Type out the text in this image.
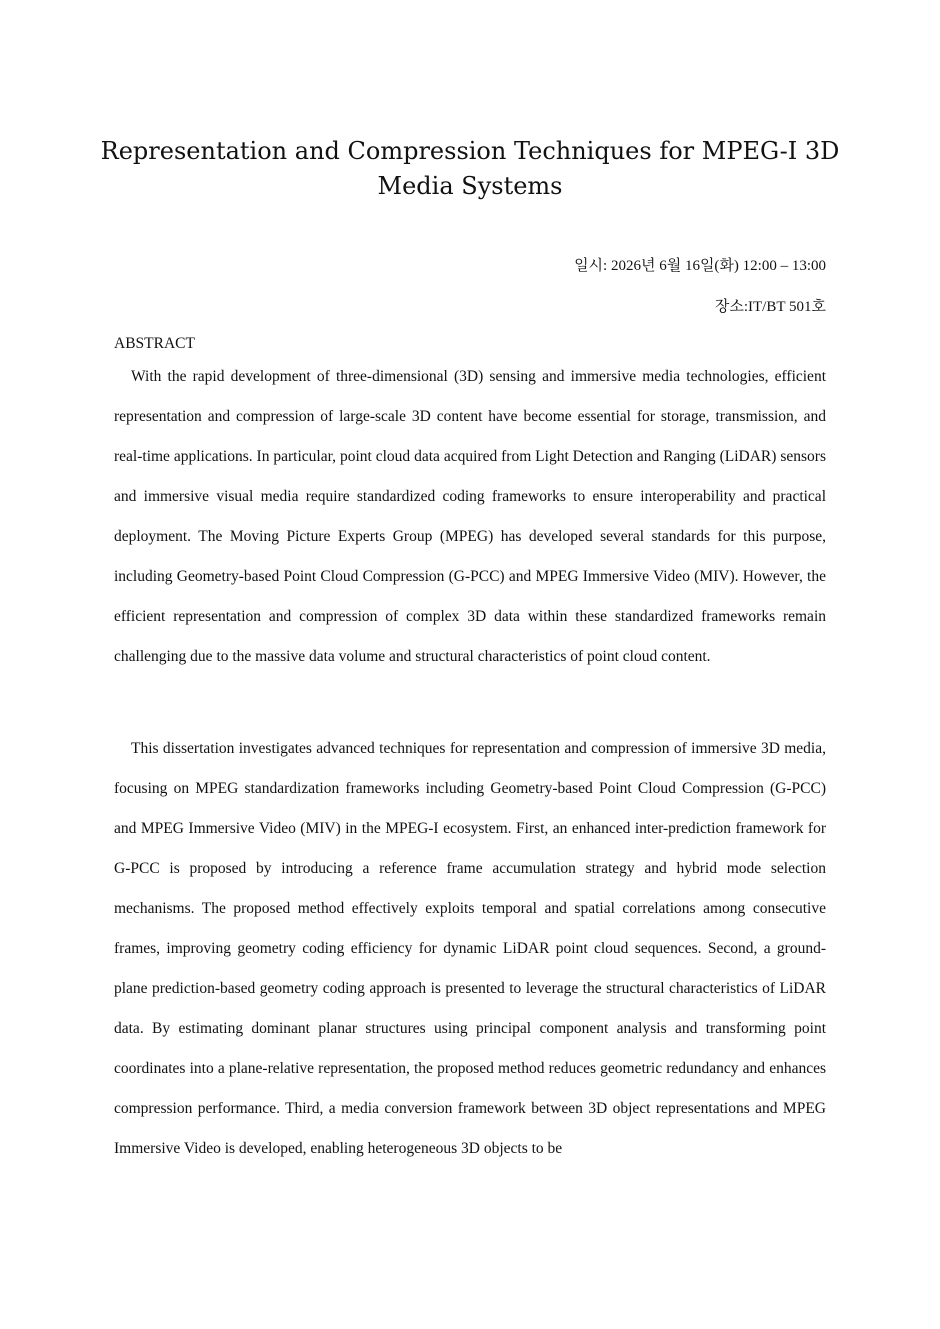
Representation and Compression Techniques for MPEG-I 3D Media Systems
일시: 2026년 6월 16일(화) 12:00 – 13:00
장소:IT/BT 501호
ABSTRACT

With the rapid development of three-dimensional (3D) sensing and immersive media technologies, efficient representation and compression of large-scale 3D content have become essential for storage, transmission, and real-time applications. In particular, point cloud data acquired from Light Detection and Ranging (LiDAR) sensors and immersive visual media require standardized coding frameworks to ensure interoperability and practical deployment. The Moving Picture Experts Group (MPEG) has developed several standards for this purpose, including Geometry-based Point Cloud Compression (G-PCC) and MPEG Immersive Video (MIV). However, the efficient representation and compression of complex 3D data within these standardized frameworks remain challenging due to the massive data volume and structural characteristics of point cloud content.

This dissertation investigates advanced techniques for representation and compression of immersive 3D media, focusing on MPEG standardization frameworks including Geometry-based Point Cloud Compression (G-PCC) and MPEG Immersive Video (MIV) in the MPEG-I ecosystem. First, an enhanced inter-prediction framework for G-PCC is proposed by introducing a reference frame accumulation strategy and hybrid mode selection mechanisms. The proposed method effectively exploits temporal and spatial correlations among consecutive frames, improving geometry coding efficiency for dynamic LiDAR point cloud sequences. Second, a ground-plane prediction-based geometry coding approach is presented to leverage the structural characteristics of LiDAR data. By estimating dominant planar structures using principal component analysis and transforming point coordinates into a plane-relative representation, the proposed method reduces geometric redundancy and enhances compression performance. Third, a media conversion framework between 3D object representations and MPEG Immersive Video is developed, enabling heterogeneous 3D objects to be
